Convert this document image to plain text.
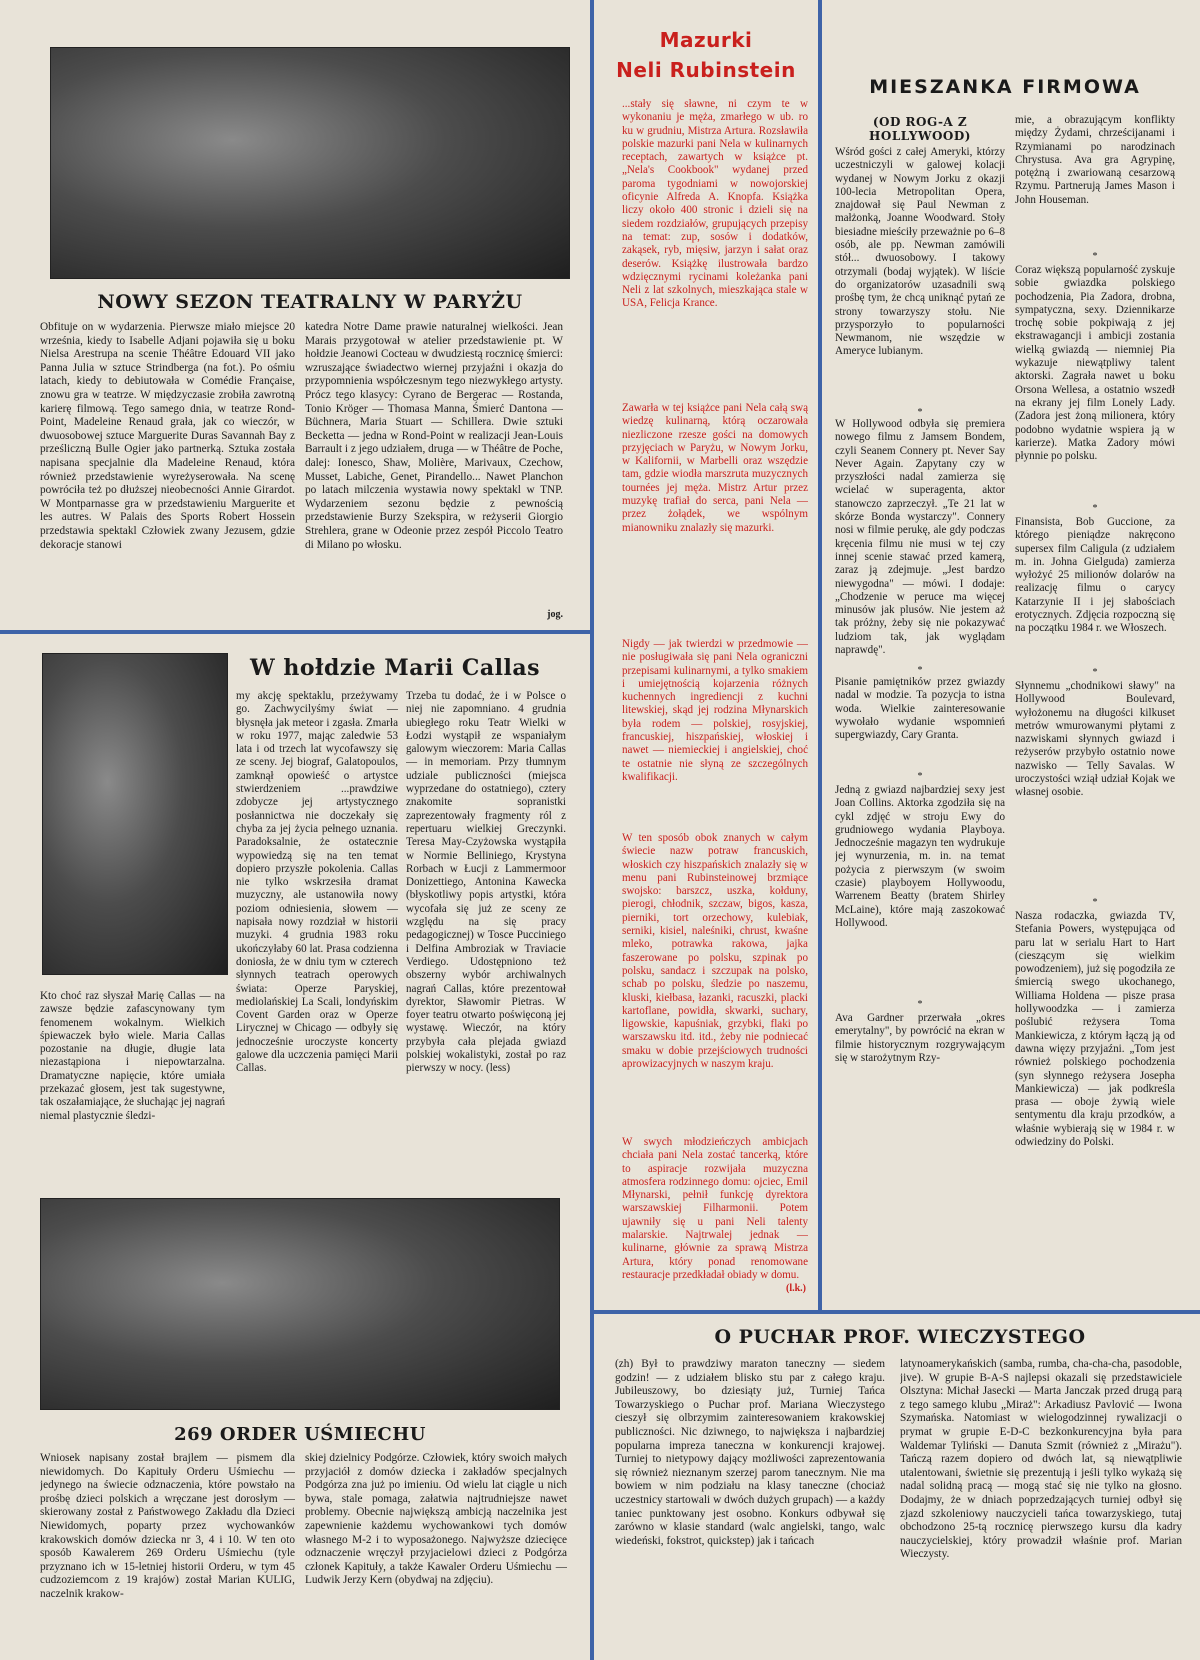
NOWY SEZON TEATRALNY W PARYŻU
Obfituje on w wydarzenia. Pierwsze miało miejsce 20 września, kiedy to Isabelle Adjani pojawiła się u boku Nielsa Arestrupa na scenie Théâtre Edouard VII jako Panna Julia w sztuce Strindberga (na fot.). Po ośmiu latach, kiedy to debiutowała w Comédie Française, znowu gra w teatrze. W międzyczasie zrobiła zawrotną karierę filmową. Tego samego dnia, w teatrze Rond-Point, Madeleine Renaud grała, jak co wieczór, w dwuosobowej sztuce Marguerite Duras Savannah Bay z prześliczną Bulle Ogier jako partnerką. Sztuka została napisana specjalnie dla Madeleine Renaud, która również przedstawienie wyreżyserowała. Na scenę powróciła też po dłuższej nieobecności Annie Girardot. W Montparnasse gra w przedstawieniu Marguerite et les autres. W Palais des Sports Robert Hossein przedstawia spektakl Człowiek zwany Jezusem, gdzie dekoracje stanowi
katedra Notre Dame prawie naturalnej wielkości. Jean Marais przygotował w atelier przedstawienie pt. W hołdzie Jeanowi Cocteau w dwudziestą rocznicę śmierci: wzruszające świadectwo wiernej przyjaźni i okazja do przypomnienia współczesnym tego niezwykłego artysty. Prócz tego klasycy: Cyrano de Bergerac — Rostanda, Tonio Kröger — Thomasa Manna, Śmierć Dantona — Büchnera, Maria Stuart — Schillera. Dwie sztuki Becketta — jedna w Rond-Point w realizacji Jean-Louis Barrault i z jego udziałem, druga — w Théâtre de Poche, dalej: Ionesco, Shaw, Molière, Marivaux, Czechow, Musset, Labiche, Genet, Pirandello... Nawet Planchon po latach milczenia wystawia nowy spektakl w TNP. Wydarzeniem sezonu będzie z pewnością przedstawienie Burzy Szekspira, w reżyserii Giorgio Strehlera, grane w Odeonie przez zespół Piccolo Teatro di Milano po włosku.
jog.
W hołdzie Marii Callas
Kto choć raz słyszał Marię Callas — na zawsze będzie zafascynowany tym fenomenem wokalnym. Wielkich śpiewaczek było wiele. Maria Callas pozostanie na długie, długie lata niezastąpiona i niepowtarzalna. Dramatyczne napięcie, które umiała przekazać głosem, jest tak sugestywne, tak oszałamiające, że słuchając jej nagrań niemal plastycznie śledzi-
my akcję spektaklu, przeżywamy go. Zachwycilyśmy świat — błysnęła jak meteor i zgasła. Zmarła w roku 1977, mając zaledwie 53 lata i od trzech lat wycofawszy się ze sceny. Jej biograf, Galatopoulos, zamknął opowieść o artystce stwierdzeniem ...prawdziwe zdobycze jej artystycznego posłannictwa nie doczekały się chyba za jej życia pełnego uznania. Paradoksalnie, że ostatecznie wypowiedzą się na ten temat dopiero przyszłe pokolenia. Callas nie tylko wskrzesiła dramat muzyczny, ale ustanowiła nowy poziom odniesienia, słowem — napisała nowy rozdział w historii muzyki. 4 grudnia 1983 roku ukończyłaby 60 lat. Prasa codzienna doniosła, że w dniu tym w czterech słynnych teatrach operowych świata: Operze Paryskiej, mediolańskiej La Scali, londyńskim Covent Garden oraz w Operze Lirycznej w Chicago — odbyły się jednocześnie uroczyste koncerty galowe dla uczczenia pamięci Marii Callas.
Trzeba tu dodać, że i w Polsce o niej nie zapomniano. 4 grudnia ubiegłego roku Teatr Wielki w Łodzi wystąpił ze wspaniałym galowym wieczorem: Maria Callas — in memoriam. Przy tłumnym udziale publiczności (miejsca wyprzedane do ostatniego), cztery znakomite sopranistki zaprezentowały fragmenty ról z repertuaru wielkiej Greczynki. Teresa May-Czyżowska wystąpiła w Normie Belliniego, Krystyna Rorbach w Łucji z Lammermoor Donizettiego, Antonina Kawecka (błyskotliwy popis artystki, która wycofała się już ze sceny ze względu na się pracy pedagogicznej) w Tosce Pucciniego i Delfina Ambroziak w Traviacie Verdiego. Udostępniono też obszerny wybór archiwalnych nagrań Callas, które prezentował dyrektor, Sławomir Pietras. W foyer teatru otwarto poświęconą jej wystawę. Wieczór, na który przybyła cała plejada gwiazd polskiej wokalistyki, został po raz pierwszy w nocy. (less)
269 ORDER UŚMIECHU
Wniosek napisany został brajlem — pismem dla niewidomych. Do Kapituły Orderu Uśmiechu — jedynego na świecie odznaczenia, które powstało na prośbę dzieci polskich a wręczane jest dorosłym — skierowany został z Państwowego Zakładu dla Dzieci Niewidomych, poparty przez wychowanków krakowskich domów dziecka nr 3, 4 i 10. W ten oto sposób Kawalerem 269 Orderu Uśmiechu (tyle przyznano ich w 15-letniej historii Orderu, w tym 45 cudzoziemcom z 19 krajów) został Marian KULIG, naczelnik krakow-
skiej dzielnicy Podgórze. Człowiek, który swoich małych przyjaciół z domów dziecka i zakładów specjalnych Podgórza zna już po imieniu. Od wielu lat ciągle u nich bywa, stale pomaga, załatwia najtrudniejsze nawet problemy. Obecnie największą ambicją naczelnika jest zapewnienie każdemu wychowankowi tych domów własnego M-2 i to wyposażonego. Najwyższe dziecięce odznaczenie wręczył przyjacielowi dzieci z Podgórza członek Kapituły, a także Kawaler Orderu Uśmiechu — Ludwik Jerzy Kern (obydwaj na zdjęciu).
Mazurki
Neli Rubinstein
...stały się sławne, ni czym te w wykonaniu je męża, zmarłego w ub. ro ku w grudniu, Mistrza Artura. Rozsławiła polskie mazurki pani Nela w kulinarnych receptach, zawartych w książce pt. „Nela's Cookbook" wydanej przed paroma tygodniami w nowojorskiej oficynie Alfreda A. Knopfa. Książka liczy około 400 stronic i dzieli się na siedem rozdziałów, grupujących przepisy na temat: zup, sosów i dodatków, zakąsek, ryb, mięsiw, jarzyn i sałat oraz deserów. Książkę ilustrowała bardzo wdzięcznymi rycinami koleżanka pani Neli z lat szkolnych, mieszkająca stale w USA, Felicja Krance.
Zawarła w tej książce pani Nela całą swą wiedzę kulinarną, którą oczarowała niezliczone rzesze gości na domowych przyjęciach w Paryżu, w Nowym Jorku, w Kalifornii, w Marbelli oraz wszędzie tam, gdzie wiodła marszruta muzycznych tournées jej męża. Mistrz Artur przez muzykę trafiał do serca, pani Nela — przez żołądek, we wspólnym mianowniku znalazły się mazurki.
Nigdy — jak twierdzi w przedmowie — nie posługiwała się pani Nela ograniczni przepisami kulinarnymi, a tylko smakiem i umiejętnością kojarzenia różnych kuchennych ingrediencji z kuchni litewskiej, skąd jej rodzina Młynarskich była rodem — polskiej, rosyjskiej, francuskiej, hiszpańskiej, włoskiej i nawet — niemieckiej i angielskiej, choć te ostatnie nie słyną ze szczególnych kwalifikacji.
W ten sposób obok znanych w całym świecie nazw potraw francuskich, włoskich czy hiszpańskich znalazły się w menu pani Rubinsteinowej brzmiące swojsko: barszcz, uszka, kołduny, pierogi, chłodnik, szczaw, bigos, kasza, pierniki, tort orzechowy, kulebiak, serniki, kisiel, naleśniki, chrust, kwaśne mleko, potrawka rakowa, jajka faszerowane po polsku, szpinak po polsku, sandacz i szczupak na polsko, schab po polsku, śledzie po naszemu, kluski, kiełbasa, łazanki, racuszki, placki kartoflane, powidła, skwarki, suchary, ligowskie, kapuśniak, grzybki, flaki po warszawsku itd. itd., żeby nie podniecać smaku w dobie przejściowych trudności aprowizacyjnych w naszym kraju.
W swych młodzieńczych ambicjach chciała pani Nela zostać tancerką, które to aspiracje rozwijała muzyczna atmosfera rodzinnego domu: ojciec, Emil Młynarski, pełnił funkcję dyrektora warszawskiej Filharmonii. Potem ujawniły się u pani Neli talenty malarskie. Najtrwalej jednak — kulinarne, głównie za sprawą Mistrza Artura, który ponad renomowane restauracje przedkładał obiady w domu.
(l.k.)
MIESZANKA FIRMOWA
(OD ROG-A Z HOLLYWOOD)
Wśród gości z całej Ameryki, którzy uczestniczyli w galowej kolacji wydanej w Nowym Jorku z okazji 100-lecia Metropolitan Opera, znajdował się Paul Newman z małżonką, Joanne Woodward. Stoły biesiadne mieściły przeważnie po 6–8 osób, ale pp. Newman zamówili stół... dwuosobowy. I takowy otrzymali (bodaj wyjątek). W liście do organizatorów uzasadnili swą prośbę tym, że chcą uniknąć pytań ze strony towarzyszy stołu. Nie przysporzyło to popularności Newmanom, nie wszędzie w Ameryce lubianym.
*
W Hollywood odbyła się premiera nowego filmu z Jamsem Bondem, czyli Seanem Connery pt. Never Say Never Again. Zapytany czy w przyszłości nadal zamierza się wcielać w superagenta, aktor stanowczo zaprzeczył. „Te 21 lat w skórze Bonda wystarczy". Connery nosi w filmie perukę, ale gdy podczas kręcenia filmu nie musi w tej czy innej scenie stawać przed kamerą, zaraz ją zdejmuje. „Jest bardzo niewygodna" — mówi. I dodaje: „Chodzenie w peruce ma więcej minusów jak plusów. Nie jestem aż tak próżny, żeby się nie pokazywać ludziom tak, jak wyglądam naprawdę".
*
Pisanie pamiętników przez gwiazdy nadal w modzie. Ta pozycja to istna woda. Wielkie zainteresowanie wywołało wydanie wspomnień supergwiazdy, Cary Granta.
*
Jedną z gwiazd najbardziej sexy jest Joan Collins. Aktorka zgodziła się na cykl zdjęć w stroju Ewy do grudniowego wydania Playboya. Jednocześnie magazyn ten wydrukuje jej wynurzenia, m. in. na temat pożycia z pierwszym (w swoim czasie) playboyem Hollywoodu, Warrenem Beatty (bratem Shirley McLaine), które mają zaszokować Hollywood.
*
Ava Gardner przerwała „okres emerytalny", by powrócić na ekran w filmie historycznym rozgrywającym się w starożytnym Rzy-
mie, a obrazującym konflikty między Żydami, chrześcijanami i Rzymianami po narodzinach Chrystusa. Ava gra Agrypinę, potężną i zwariowaną cesarzową Rzymu. Partnerują James Mason i John Houseman.
*
Coraz większą popularność zyskuje sobie gwiazdka polskiego pochodzenia, Pia Zadora, drobna, sympatyczna, sexy. Dziennikarze trochę sobie pokpiwają z jej ekstrawagancji i ambicji zostania wielką gwiazdą — niemniej Pia wykazuje niewątpliwy talent aktorski. Zagrała nawet u boku Orsona Wellesa, a ostatnio wszedł na ekrany jej film Lonely Lady. (Zadora jest żoną milionera, który podobno wydatnie wspiera ją w karierze). Matka Zadory mówi płynnie po polsku.
*
Finansista, Bob Guccione, za którego pieniądze nakręcono supersex film Caligula (z udziałem m. in. Johna Gielguda) zamierza wyłożyć 25 milionów dolarów na realizację filmu o carycy Katarzynie II i jej słabościach erotycznych. Zdjęcia rozpoczną się na początku 1984 r. we Włoszech.
*
Słynnemu „chodnikowi sławy" na Hollywood Boulevard, wyłożonemu na długości kilkuset metrów wmurowanymi płytami z nazwiskami słynnych gwiazd i reżyserów przybyło ostatnio nowe nazwisko — Telly Savalas. W uroczystości wziął udział Kojak we własnej osobie.
*
Nasza rodaczka, gwiazda TV, Stefania Powers, występująca od paru lat w serialu Hart to Hart (cieszącym się wielkim powodzeniem), już się pogodziła ze śmiercią swego ukochanego, Williama Holdena — pisze prasa hollywoodzka — i zamierza poślubić reżysera Toma Mankiewicza, z którym łączą ją od dawna więzy przyjaźni. „Tom jest również polskiego pochodzenia (syn słynnego reżysera Josepha Mankiewicza) — jak podkreśla prasa — oboje żywią wiele sentymentu dla kraju przodków, a właśnie wybierają się w 1984 r. w odwiedziny do Polski.
O PUCHAR PROF. WIECZYSTEGO
(zh) Był to prawdziwy maraton taneczny — siedem godzin! — z udziałem blisko stu par z całego kraju. Jubileuszowy, bo dziesiąty już, Turniej Tańca Towarzyskiego o Puchar prof. Mariana Wieczystego cieszył się olbrzymim zainteresowaniem krakowskiej publiczności. Nic dziwnego, to największa i najbardziej popularna impreza taneczna w konkurencji krajowej. Turniej to nietypowy dający możliwości zaprezentowania się również nieznanym szerzej parom tanecznym. Nie ma bowiem w nim podziału na klasy taneczne (chociaż uczestnicy startowali w dwóch dużych grupach) — a każdy taniec punktowany jest osobno. Konkurs odbywał się zarówno w klasie standard (walc angielski, tango, walc wiedeński, fokstrot, quickstep) jak i tańcach
latynoamerykańskich (samba, rumba, cha-cha-cha, pasodoble, jive). W grupie B-A-S najlepsi okazali się przedstawiciele Olsztyna: Michał Jasecki — Marta Janczak przed drugą parą z tego samego klubu „Miraż": Arkadiusz Pavlović — Iwona Szymańska. Natomiast w wielogodzinnej rywalizacji o prymat w grupie E-D-C bezkonkurencyjna była para Waldemar Tyliński — Danuta Szmit (również z „Mirażu"). Tańczą razem dopiero od dwóch lat, są niewątpliwie utalentowani, świetnie się prezentują i jeśli tylko wykażą się nadal solidną pracą — mogą stać się nie tylko na głosno. Dodajmy, że w dniach poprzedzających turniej odbył się zjazd szkoleniowy nauczycieli tańca towarzyskiego, tutaj obchodzono 25-tą rocznicę pierwszego kursu dla kadry nauczycielskiej, który prowadził właśnie prof. Marian Wieczysty.
